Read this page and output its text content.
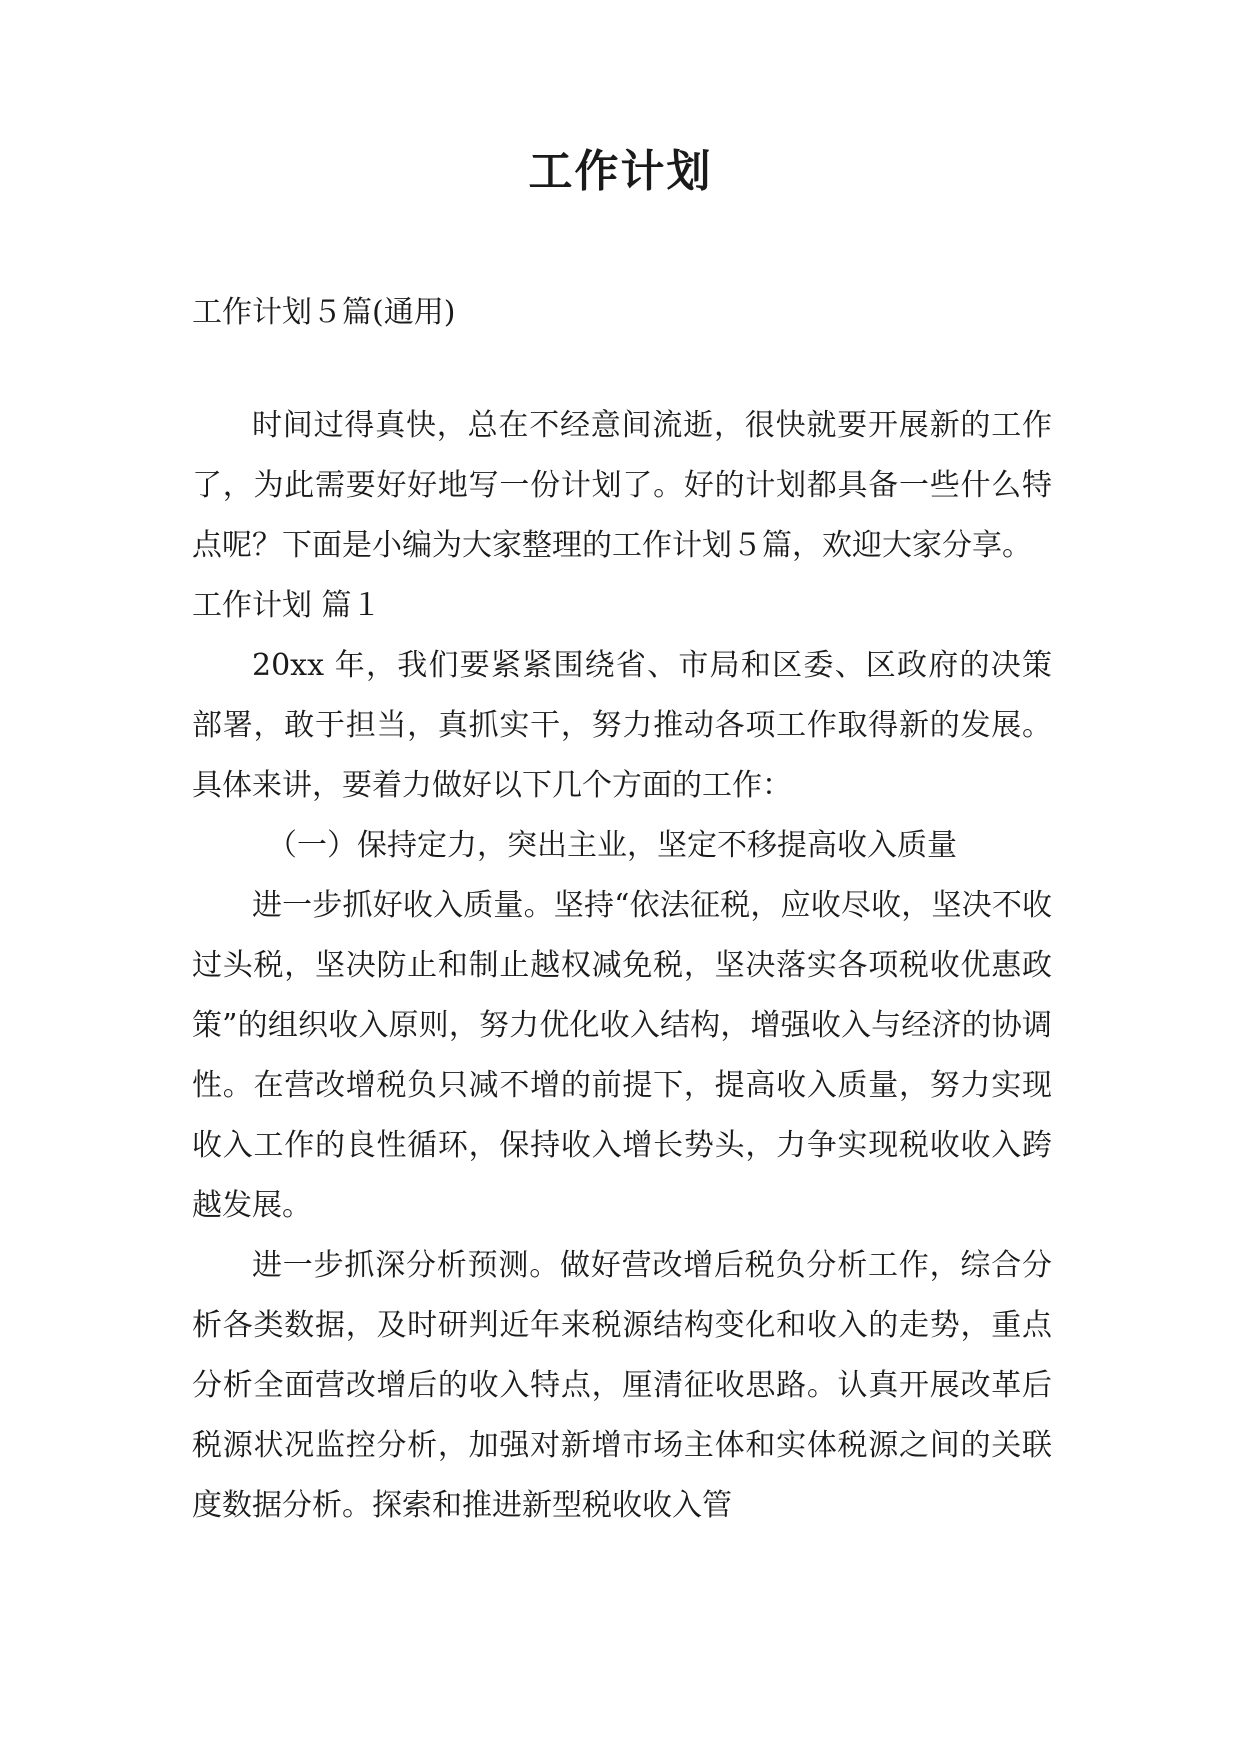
工作计划
工作计划５篇(通用)

时间过得真快，总在不经意间流逝，很快就要开展新的工作了，为此需要好好地写一份计划了。好的计划都具备一些什么特点呢？下面是小编为大家整理的工作计划５篇，欢迎大家分享。

工作计划 篇１

20xx 年，我们要紧紧围绕省、市局和区委、区政府的决策部署，敢于担当，真抓实干，努力推动各项工作取得新的发展。具体来讲，要着力做好以下几个方面的工作：

（一）保持定力，突出主业，坚定不移提高收入质量

进一步抓好收入质量。坚持“依法征税，应收尽收，坚决不收过头税，坚决防止和制止越权减免税，坚决落实各项税收优惠政策”的组织收入原则，努力优化收入结构，增强收入与经济的协调性。在营改增税负只减不增的前提下，提高收入质量，努力实现收入工作的良性循环，保持收入增长势头，力争实现税收收入跨越发展。

进一步抓深分析预测。做好营改增后税负分析工作，综合分析各类数据，及时研判近年来税源结构变化和收入的走势，重点分析全面营改增后的收入特点，厘清征收思路。认真开展改革后税源状况监控分析，加强对新增市场主体和实体税源之间的关联度数据分析。探索和推进新型税收收入管
